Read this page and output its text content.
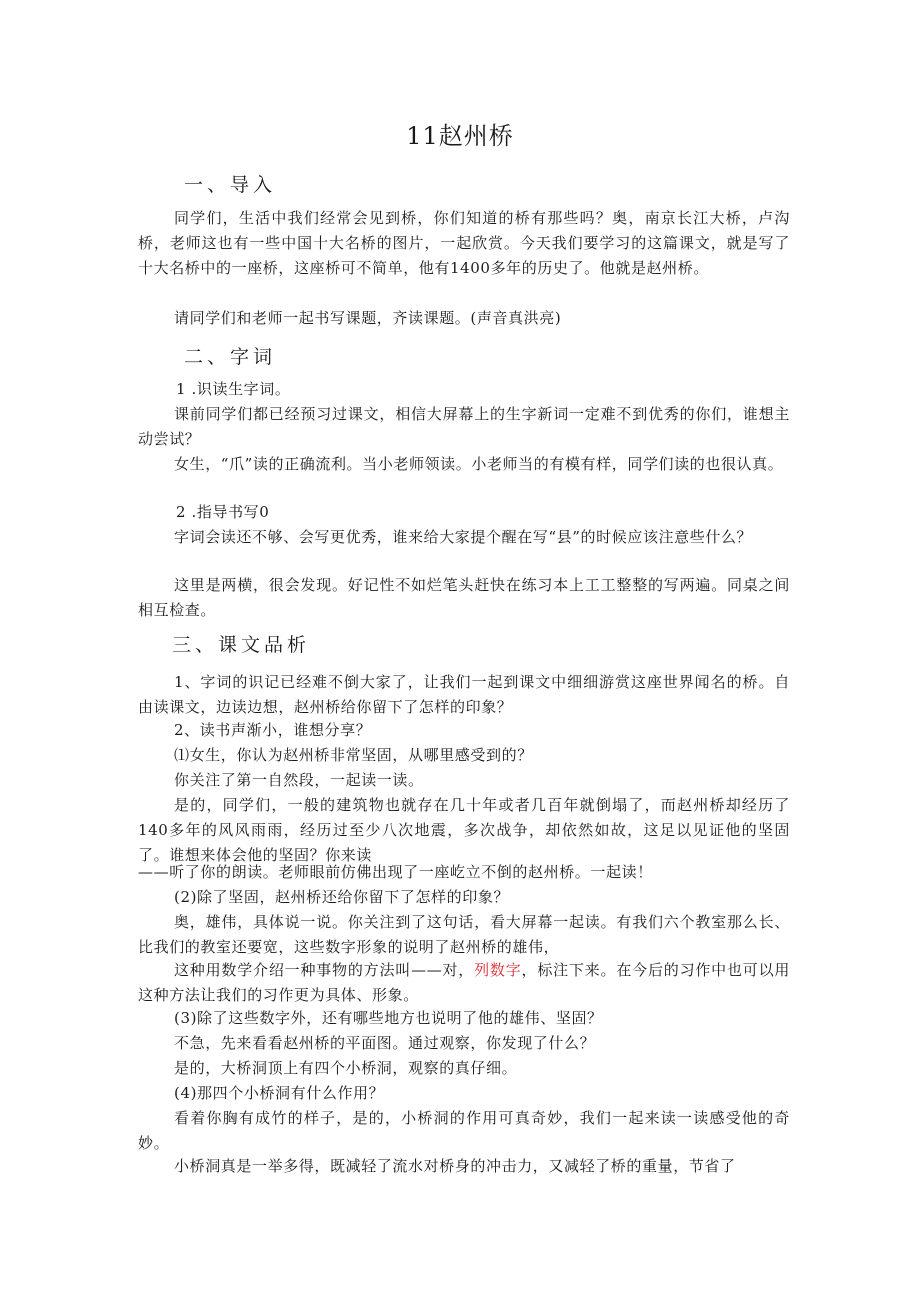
11赵州桥
一、导入

同学们，生活中我们经常会见到桥，你们知道的桥有那些吗？奥，南京长江大桥，卢沟桥，老师这也有一些中国十大名桥的图片，一起欣赏。今天我们要学习的这篇课文，就是写了十大名桥中的一座桥，这座桥可不简单，他有1400多年的历史了。他就是赵州桥。

请同学们和老师一起书写课题，齐读课题。(声音真洪亮)

二、字词

1 .识读生字词。

课前同学们都已经预习过课文，相信大屏幕上的生字新词一定难不到优秀的你们，谁想主动尝试？

女生，“爪”读的正确流利。当小老师领读。小老师当的有模有样，同学们读的也很认真。

2 .指导书写0

字词会读还不够、会写更优秀，谁来给大家提个醒在写“县”的时候应该注意些什么？

这里是两横，很会发现。好记性不如烂笔头赶快在练习本上工工整整的写两遍。同桌之间相互检查。

三、课文品析

1、字词的识记已经难不倒大家了，让我们一起到课文中细细游赏这座世界闻名的桥。自由读课文，边读边想，赵州桥给你留下了怎样的印象？

2、读书声渐小，谁想分享？

⑴女生，你认为赵州桥非常坚固，从哪里感受到的？

你关注了第一自然段，一起读一读。

是的，同学们，一般的建筑物也就存在几十年或者几百年就倒塌了，而赵州桥却经历了140多年的风风雨雨，经历过至少八次地震，多次战争，却依然如故，这足以见证他的坚固了。谁想来体会他的坚固？你来读

——听了你的朗读。老师眼前仿佛出现了一座屹立不倒的赵州桥。一起读！

(2)除了坚固，赵州桥还给你留下了怎样的印象？

奥，雄伟，具体说一说。你关注到了这句话，看大屏幕一起读。有我们六个教室那么长、比我们的教室还要宽，这些数字形象的说明了赵州桥的雄伟，

这种用数学介绍一种事物的方法叫——对，列数字，标注下来。在今后的习作中也可以用这种方法让我们的习作更为具体、形象。

(3)除了这些数字外，还有哪些地方也说明了他的雄伟、坚固？

不急，先来看看赵州桥的平面图。通过观察，你发现了什么？

是的，大桥洞顶上有四个小桥洞，观察的真仔细。

(4)那四个小桥洞有什么作用？

看着你胸有成竹的样子，是的，小桥洞的作用可真奇妙，我们一起来读一读感受他的奇妙。

小桥洞真是一举多得，既减轻了流水对桥身的冲击力，又减轻了桥的重量，节省了
